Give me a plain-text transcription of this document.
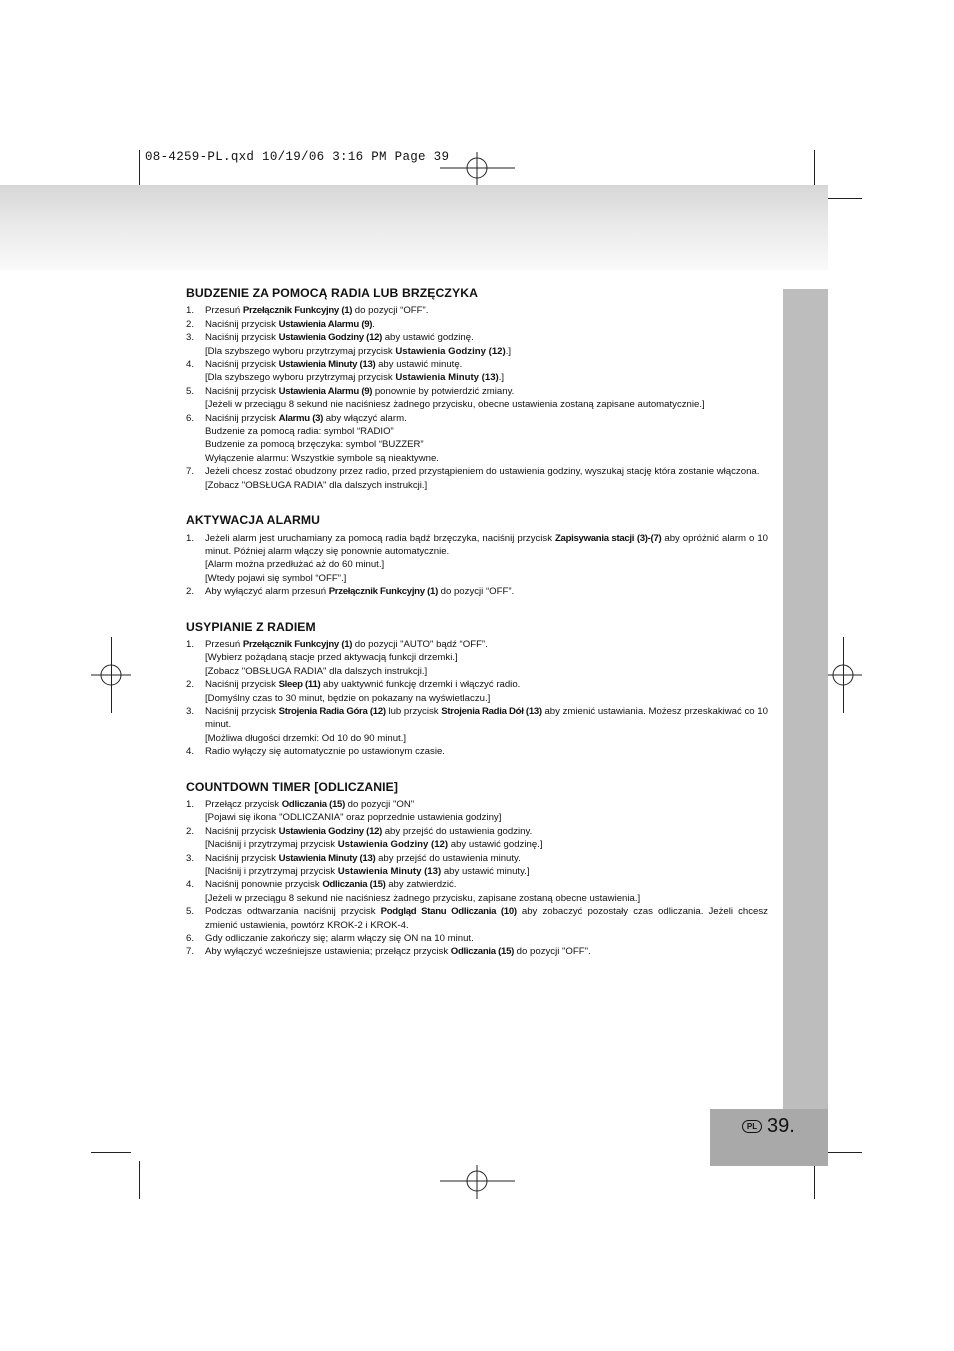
08-4259-PL.qxd 10/19/06 3:16 PM Page 39
PL 39.
BUDZENIE ZA POMOCĄ RADIA LUB BRZĘCZYKA
1. Przesuń Przełącznik Funkcyjny (1) do pozycji “OFF”.
2. Naciśnij przycisk Ustawienia Alarmu (9).
3. Naciśnij przycisk Ustawienia Godziny (12) aby ustawić godzinę.
[Dla szybszego wyboru przytrzymaj przycisk Ustawienia Godziny (12).]
4. Naciśnij przycisk Ustawienia Minuty (13) aby ustawić minutę.
[Dla szybszego wyboru przytrzymaj przycisk Ustawienia Minuty (13).]
5. Naciśnij przycisk Ustawienia Alarmu (9) ponownie by potwierdzić zmiany.
[Jeżeli w przeciągu 8 sekund nie naciśniesz żadnego przycisku, obecne ustawienia zostaną zapisane automatycznie.]
6. Naciśnij przycisk Alarmu (3) aby włączyć alarm.
Budzenie za pomocą radia: symbol “RADIO”
Budzenie za pomocą brzęczyka: symbol “BUZZER”
Wyłączenie alarmu: Wszystkie symbole są nieaktywne.
7. Jeżeli chcesz zostać obudzony przez radio, przed przystąpieniem do ustawienia godziny, wyszukaj stację która zostanie włączona.
[Zobacz "OBSŁUGA RADIA" dla dalszych instrukcji.]
AKTYWACJA ALARMU
1. Jeżeli alarm jest uruchamiany za pomocą radia bądź brzęczyka, naciśnij przycisk Zapisywania stacji (3)-(7) aby opróżnić alarm o 10 minut. Później alarm włączy się ponownie automatycznie.
[Alarm można przedłużać aż do 60 minut.]
[Wtedy pojawi się symbol “OFF”.]
2. Aby wyłączyć alarm przesuń Przełącznik Funkcyjny (1) do pozycji “OFF”.
USYPIANIE Z RADIEM
1. Przesuń Przełącznik Funkcyjny (1) do pozycji "AUTO" bądź “OFF”.
[Wybierz pożądaną stacje przed aktywacją funkcji drzemki.]
[Zobacz "OBSŁUGA RADIA" dla dalszych instrukcji.]
2. Naciśnij przycisk Sleep (11) aby uaktywnić funkcję drzemki i włączyć radio.
[Domyślny czas to 30 minut, będzie on pokazany na wyświetlaczu.]
3. Naciśnij przycisk Strojenia Radia Góra (12) lub przycisk Strojenia Radia Dół (13) aby zmienić ustawiania. Możesz przeskakiwać co 10 minut.
[Możliwa długości drzemki: Od 10 do 90 minut.]
4. Radio wyłączy się automatycznie po ustawionym czasie.
COUNTDOWN TIMER [ODLICZANIE]
1. Przełącz przycisk Odliczania (15) do pozycji "ON"
[Pojawi się ikona "ODLICZANIA" oraz poprzednie ustawienia godziny]
2. Naciśnij przycisk Ustawienia Godziny (12) aby przejść do ustawienia godziny.
[Naciśnij i przytrzymaj przycisk Ustawienia Godziny (12) aby ustawić godzinę.]
3. Naciśnij przycisk Ustawienia Minuty (13) aby przejść do ustawienia minuty.
[Naciśnij i przytrzymaj przycisk Ustawienia Minuty (13) aby ustawić minuty.]
4. Naciśnij ponownie przycisk Odliczania (15) aby zatwierdzić.
[Jeżeli w przeciągu 8 sekund nie naciśniesz żadnego przycisku, zapisane zostaną obecne ustawienia.]
5. Podczas odtwarzania naciśnij przycisk Podgląd Stanu Odliczania (10) aby zobaczyć pozostały czas odliczania. Jeżeli chcesz zmienić ustawienia, powtórz KROK-2 i KROK-4.
6. Gdy odliczanie zakończy się; alarm włączy się ON na 10 minut.
7. Aby wyłączyć wcześniejsze ustawienia; przełącz przycisk Odliczania (15) do pozycji "OFF".
